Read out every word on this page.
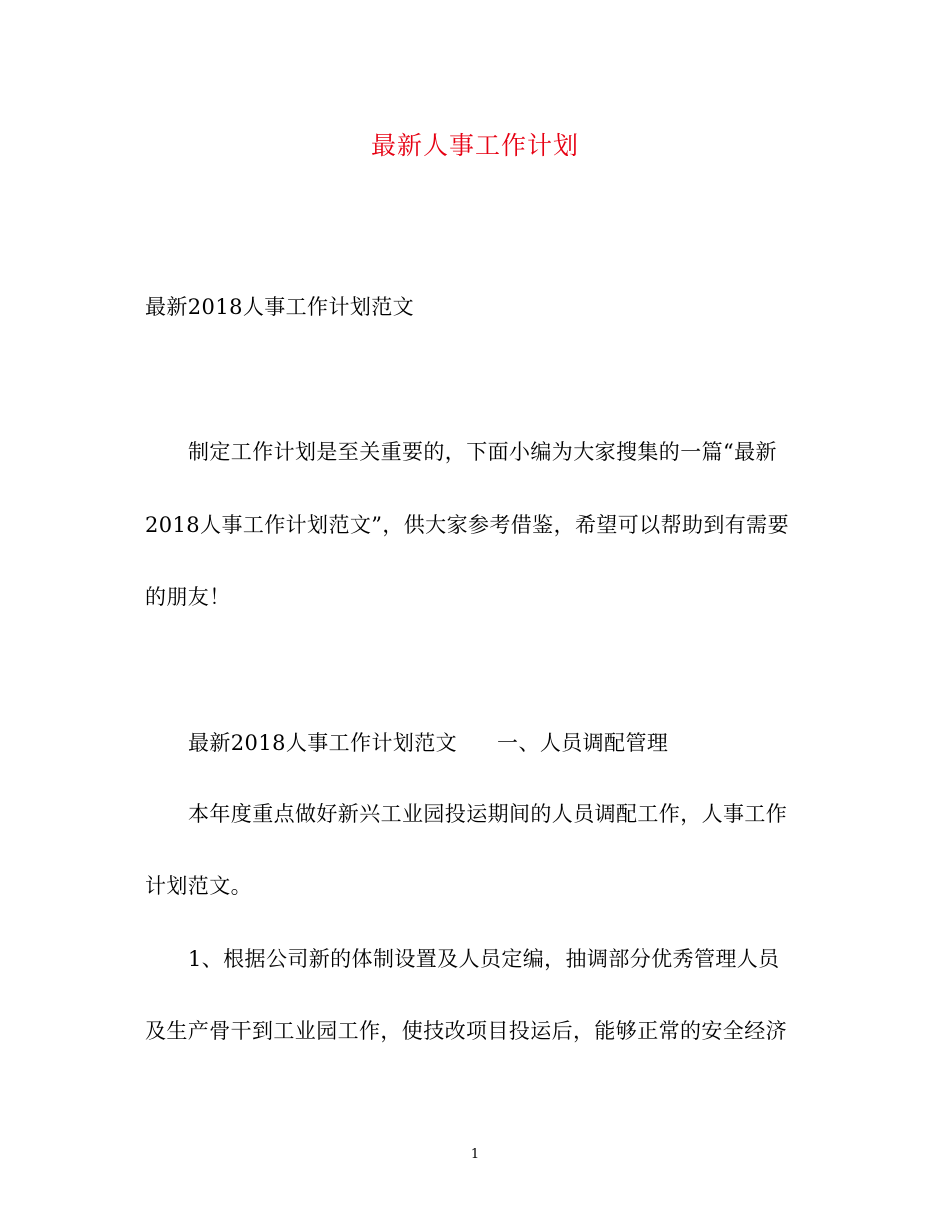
最新人事工作计划
最新2018人事工作计划范文
制定工作计划是至关重要的，下面小编为大家搜集的一篇“最新
2018人事工作计划范文”，供大家参考借鉴，希望可以帮助到有需要
的朋友！
最新2018人事工作计划范文 一、人员调配管理
本年度重点做好新兴工业园投运期间的人员调配工作，人事工作
计划范文。
1、根据公司新的体制设置及人员定编，抽调部分优秀管理人员
及生产骨干到工业园工作，使技改项目投运后，能够正常的安全经济
1
